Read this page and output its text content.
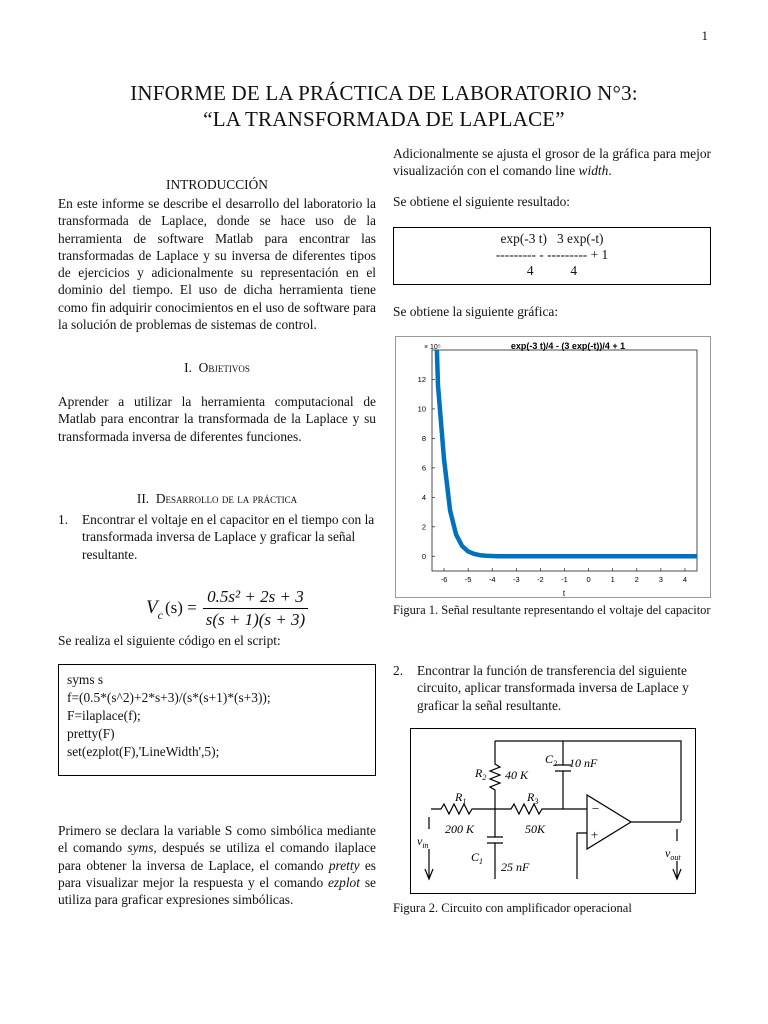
1
INFORME DE LA PRÁCTICA DE LABORATORIO N°3:
“LA TRANSFORMADA DE LAPLACE”
INTRODUCCIÓN
En este informe se describe el desarrollo del laboratorio la transformada de Laplace, donde se hace uso de la herramienta de software Matlab para encontrar las transformadas de Laplace y su inversa de diferentes tipos de ejercicios y adicionalmente su representación en el dominio del tiempo. El uso de dicha herramienta tiene como fin adquirir conocimientos en el uso de software para la solución de problemas de sistemas de control.
I. Objetivos
Aprender a utilizar la herramienta computacional de Matlab para encontrar la transformada de la Laplace y su transformada inversa de diferentes funciones.
II. Desarrollo de la práctica
1.	Encontrar el voltaje en el capacitor en el tiempo con la transformada inversa de Laplace y graficar la señal resultante.
V c (s) =
0.5s² + 2s + 3
s(s + 1)(s + 3)
Se realiza el siguiente código en el script:
syms s
f=(0.5*(s^2)+2*s+3)/(s*(s+1)*(s+3));
F=ilaplace(f);
pretty(F)
set(ezplot(F),'LineWidth',5);
Primero se declara la variable S como simbólica mediante el comando syms, después se utiliza el comando ilaplace para obtener la inversa de Laplace, el comando pretty es para visualizar mejor la respuesta y el comando ezplot se utiliza para graficar expresiones simbólicas.
Adicionalmente se ajusta el grosor de la gráfica para mejor visualización con el comando line width.
Se obtiene el siguiente resultado:
exp(-3 t)   3 exp(-t)
--------- - --------- + 1
4           4
Se obtiene la siguiente gráfica:
exp(-3 t)/4 - (3 exp(-t))/4 + 1
× 10⁵
t
-6 -5 -4 -3 -2 -1 0	1	2	3	4
0
2
4
6
8
10
12
Figura 1. Señal resultante representando el voltaje del capacitor
2.	Encontrar la función de transferencia del siguiente circuito, aplicar transformada inversa de Laplace y graficar la señal resultante.
$R_2$ 40 K
$R_1$
200 K
$R_3$
50K
$C_2$ 10 nF
$C_1$ 25 nF
$v_{in}$
$v_{out}$
−
+
Figura 2. Circuito con amplificador operacional
